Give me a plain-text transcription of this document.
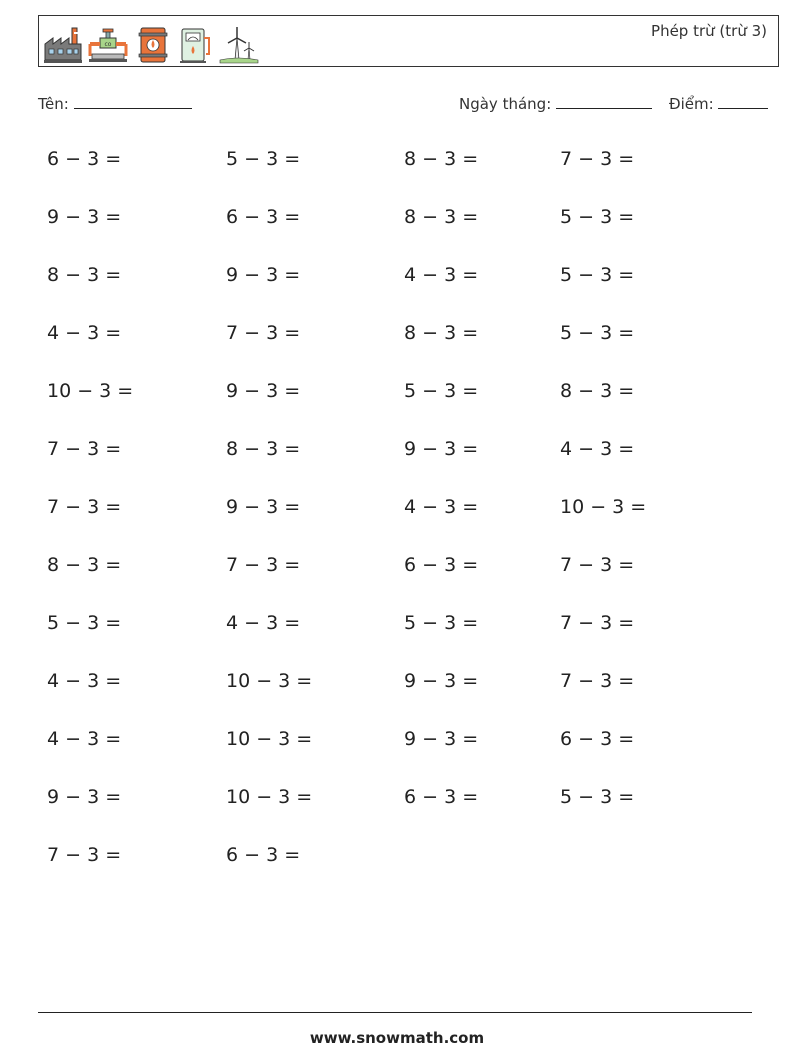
co
Phép trừ (trừ 3)
Tên:	Ngày tháng:	Điểm:
6 − 3 =	5 − 3 =	8 − 3 =	7 − 3 =
9 − 3 =	6 − 3 =	8 − 3 =	5 − 3 =
8 − 3 =	9 − 3 =	4 − 3 =	5 − 3 =
4 − 3 =	7 − 3 =	8 − 3 =	5 − 3 =
10 − 3 =	9 − 3 =	5 − 3 =	8 − 3 =
7 − 3 =	8 − 3 =	9 − 3 =	4 − 3 =
7 − 3 =	9 − 3 =	4 − 3 =	10 − 3 =
8 − 3 =	7 − 3 =	6 − 3 =	7 − 3 =
5 − 3 =	4 − 3 =	5 − 3 =	7 − 3 =
4 − 3 =	10 − 3 =	9 − 3 =	7 − 3 =
4 − 3 =	10 − 3 =	9 − 3 =	6 − 3 =
9 − 3 =	10 − 3 =	6 − 3 =	5 − 3 =
7 − 3 =	6 − 3 =
www.snowmath.com
